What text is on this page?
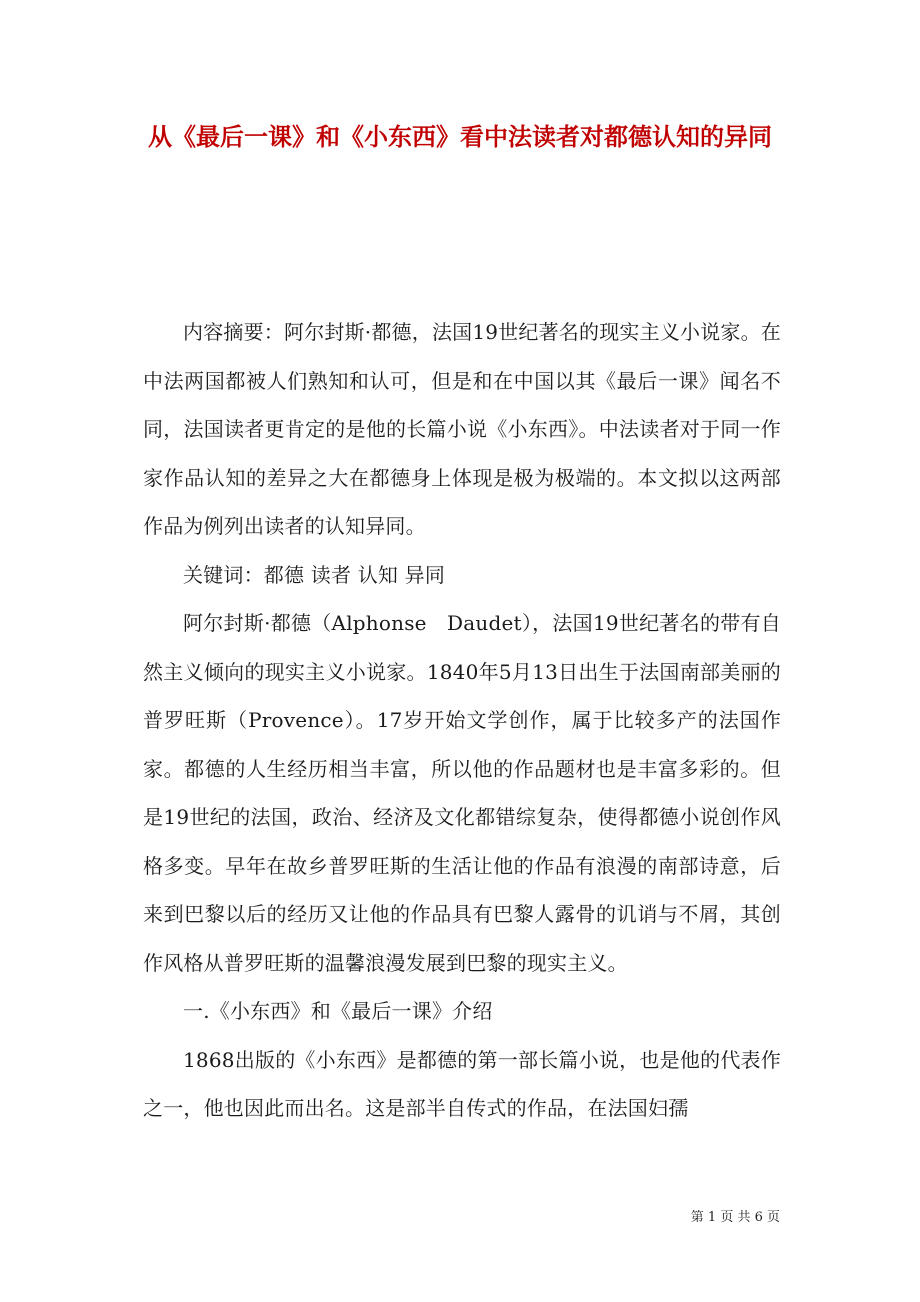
从《最后一课》和《小东西》看中法读者对都德认知的异同

内容摘要：阿尔封斯·都德，法国19世纪著名的现实主义小说家。在中法两国都被人们熟知和认可，但是和在中国以其《最后一课》闻名不同，法国读者更肯定的是他的长篇小说《小东西》。中法读者对于同一作家作品认知的差异之大在都德身上体现是极为极端的。本文拟以这两部作品为例列出读者的认知异同。

关键词：都德 读者 认知 异同

阿尔封斯·都德（Alphonse　Daudet），法国19世纪著名的带有自然主义倾向的现实主义小说家。1840年5月13日出生于法国南部美丽的普罗旺斯（Provence）。17岁开始文学创作，属于比较多产的法国作家。都德的人生经历相当丰富，所以他的作品题材也是丰富多彩的。但是19世纪的法国，政治、经济及文化都错综复杂，使得都德小说创作风格多变。早年在故乡普罗旺斯的生活让他的作品有浪漫的南部诗意，后来到巴黎以后的经历又让他的作品具有巴黎人露骨的讥诮与不屑，其创作风格从普罗旺斯的温馨浪漫发展到巴黎的现实主义。

一.《小东西》和《最后一课》介绍

1868出版的《小东西》是都德的第一部长篇小说，也是他的代表作之一，他也因此而出名。这是部半自传式的作品，在法国妇孺

第 1 页 共 6 页
